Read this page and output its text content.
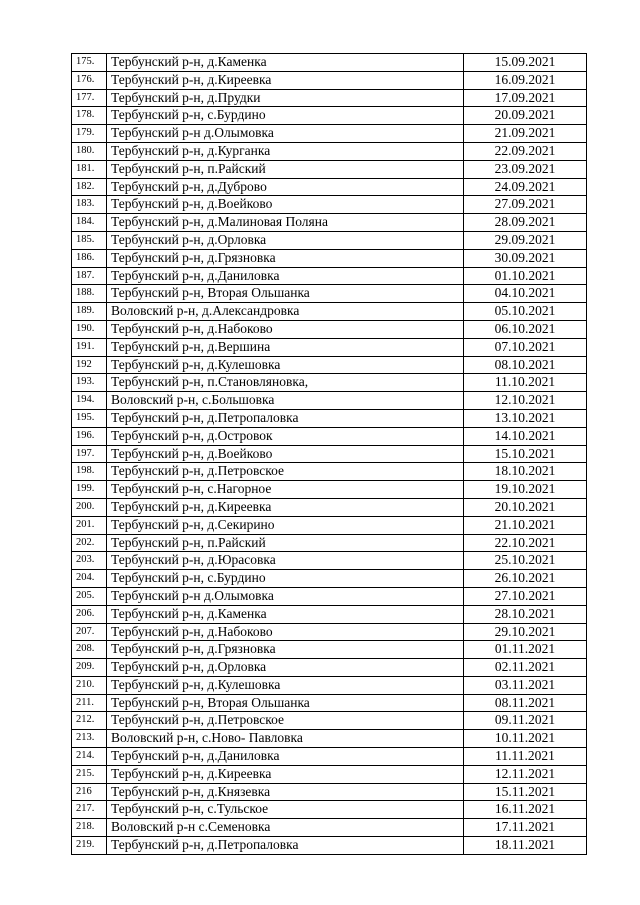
175.	Тербунский р-н, д.Каменка	15.09.2021
176.	Тербунский р-н, д.Киреевка	16.09.2021
177.	Тербунский р-н, д.Прудки	17.09.2021
178.	Тербунский р-н, с.Бурдино	20.09.2021
179.	Тербунский р-н д.Олымовка	21.09.2021
180.	Тербунский р-н, д.Курганка	22.09.2021
181.	Тербунский р-н, п.Райский	23.09.2021
182.	Тербунский р-н, д.Дуброво	24.09.2021
183.	Тербунский р-н, д.Воейково	27.09.2021
184.	Тербунский р-н, д.Малиновая Поляна	28.09.2021
185.	Тербунский р-н, д.Орловка	29.09.2021
186.	Тербунский р-н, д.Грязновка	30.09.2021
187.	Тербунский р-н, д.Даниловка	01.10.2021
188.	Тербунский р-н, Вторая Ольшанка	04.10.2021
189.	Воловский р-н, д.Александровка	05.10.2021
190.	Тербунский р-н, д.Набоково	06.10.2021
191.	Тербунский р-н, д.Вершина	07.10.2021
192	Тербунский р-н, д.Кулешовка	08.10.2021
193.	Тербунский р-н, п.Становляновка,	11.10.2021
194.	Воловский р-н, с.Большовка	12.10.2021
195.	Тербунский р-н, д.Петропаловка	13.10.2021
196.	Тербунский р-н, д.Островок	14.10.2021
197.	Тербунский р-н, д.Воейково	15.10.2021
198.	Тербунский р-н, д.Петровское	18.10.2021
199.	Тербунский р-н, с.Нагорное	19.10.2021
200.	Тербунский р-н, д.Киреевка	20.10.2021
201.	Тербунский р-н, д.Секирино	21.10.2021
202.	Тербунский р-н, п.Райский	22.10.2021
203.	Тербунский р-н, д.Юрасовка	25.10.2021
204.	Тербунский р-н, с.Бурдино	26.10.2021
205.	Тербунский р-н д.Олымовка	27.10.2021
206.	Тербунский р-н, д.Каменка	28.10.2021
207.	Тербунский р-н, д.Набоково	29.10.2021
208.	Тербунский р-н, д.Грязновка	01.11.2021
209.	Тербунский р-н, д.Орловка	02.11.2021
210.	Тербунский р-н, д.Кулешовка	03.11.2021
211.	Тербунский р-н, Вторая Ольшанка	08.11.2021
212.	Тербунский р-н, д.Петровское	09.11.2021
213.	Воловский р-н, с.Ново- Павловка	10.11.2021
214.	Тербунский р-н, д.Даниловка	11.11.2021
215.	Тербунский р-н, д.Киреевка	12.11.2021
216	Тербунский р-н, д.Князевка	15.11.2021
217.	Тербунский р-н, с.Тульское	16.11.2021
218.	Воловский р-н с.Семеновка	17.11.2021
219.	Тербунский р-н, д.Петропаловка	18.11.2021
